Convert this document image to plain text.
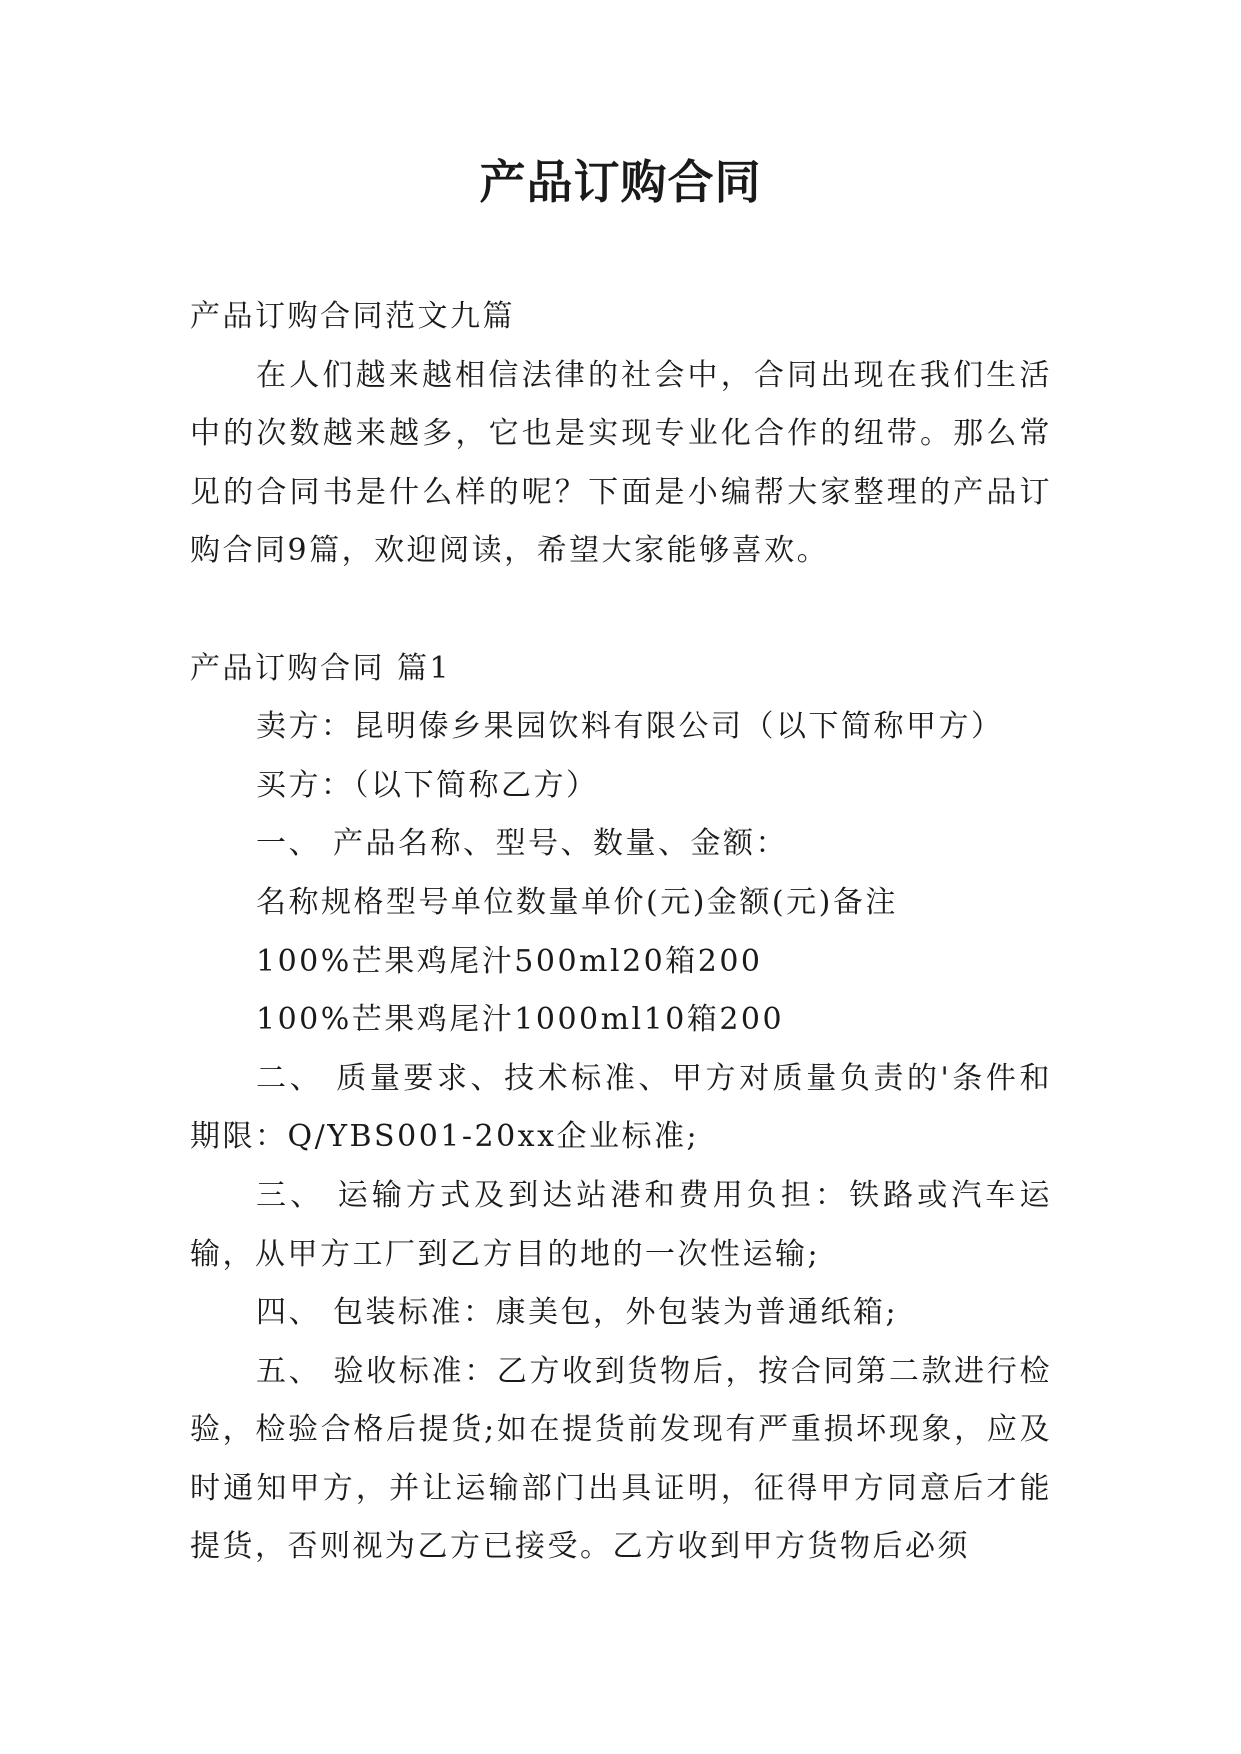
产品订购合同

产品订购合同范文九篇

在人们越来越相信法律的社会中，合同出现在我们生活中的次数越来越多，它也是实现专业化合作的纽带。那么常见的合同书是什么样的呢？下面是小编帮大家整理的产品订购合同9篇，欢迎阅读，希望大家能够喜欢。

产品订购合同 篇1

卖方：昆明傣乡果园饮料有限公司（以下简称甲方）

买方：（以下简称乙方）

一、 产品名称、型号、数量、金额：

名称规格型号单位数量单价(元)金额(元)备注

100%芒果鸡尾汁500ml20箱200

100%芒果鸡尾汁1000ml10箱200

二、 质量要求、技术标准、甲方对质量负责的'条件和期限：Q/YBS001-20xx企业标准;

三、 运输方式及到达站港和费用负担：铁路或汽车运输，从甲方工厂到乙方目的地的一次性运输;

四、 包装标准：康美包，外包装为普通纸箱;

五、 验收标准：乙方收到货物后，按合同第二款进行检验，检验合格后提货;如在提货前发现有严重损坏现象，应及时通知甲方，并让运输部门出具证明，征得甲方同意后才能提货，否则视为乙方已接受。乙方收到甲方货物后必须
